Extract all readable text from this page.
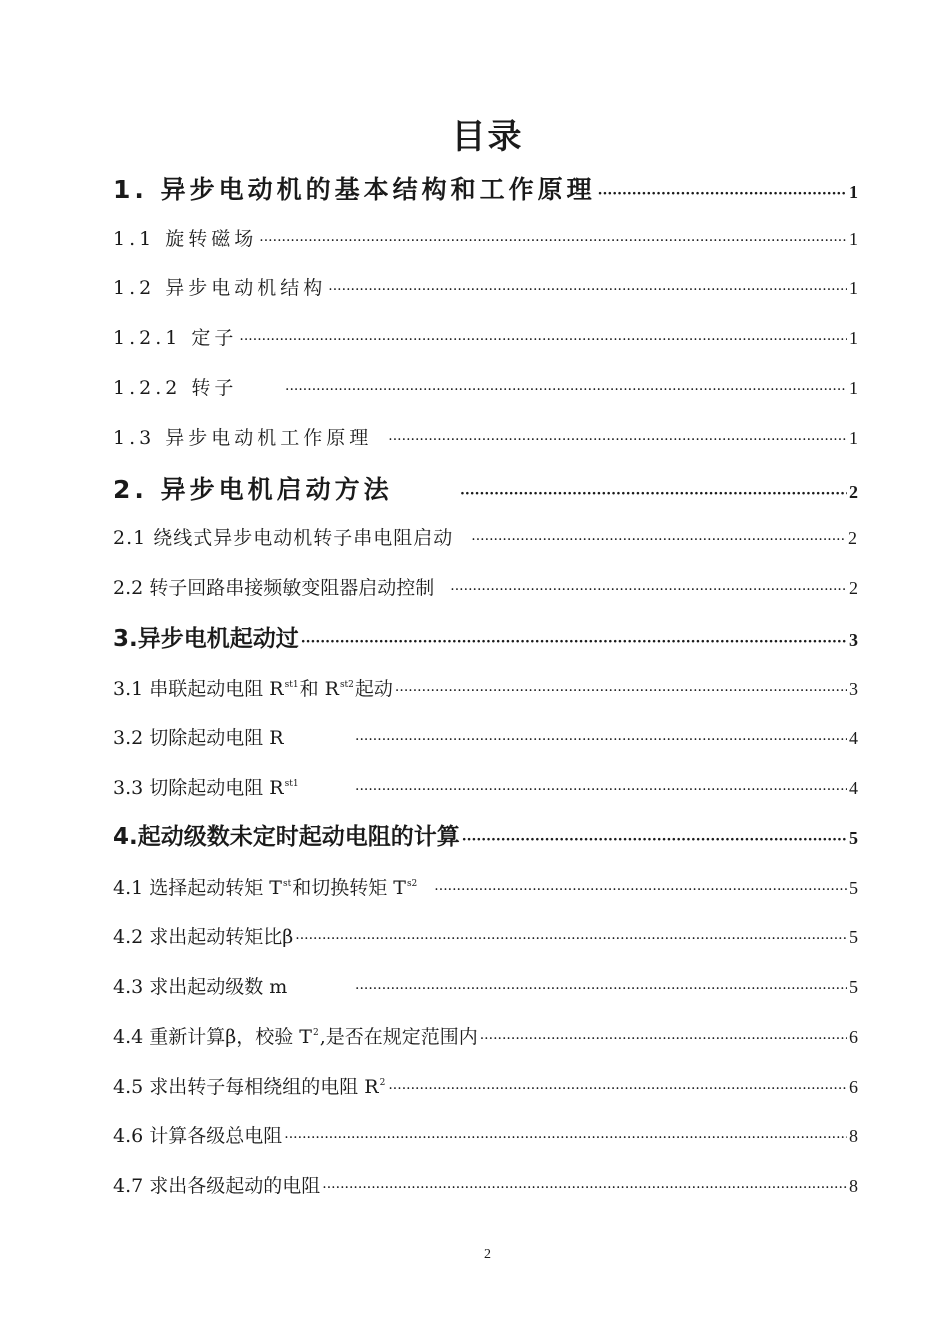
目录
1. 异步电动机的基本结构和工作原理 ·····	1
1.1 旋转磁场 ·····	1
1.2 异步电动机结构 ·····	1
1.2.1 定子 ·····	1
1.2.2 转子 ·····	1
1.3 异步电动机工作原理 ·····	1
2. 异步电机启动方法 ·····	2
2.1 绕线式异步电动机转子串电阻启动 ·····	2
2.2 转子回路串接频敏变阻器启动控制 ·····	2
3.异步电机起动过 ·····	3
3.1 串联起动电阻 $R_{st1}$和 $R_{st2}$起动 ·····	3
3.2 切除起动电阻 R ·····	4
3.3 切除起动电阻 $R_{st1}$ ·····	4
4.起动级数未定时起动电阻的计算 ·····	5
4.1 选择起动转矩 $T_{st}$和切换转矩 $T_{s2}$ ·····	5
4.2 求出起动转矩比β ·····	5
4.3 求出起动级数 m ·····	5
4.4 重新计算β，校验 $T_2$,是否在规定范围内 ·····	6
4.5 求出转子每相绕组的电阻 $R_2$ ·····	6
4.6 计算各级总电阻 ·····	8
4.7 求出各级起动的电阻 ·····	8
2
